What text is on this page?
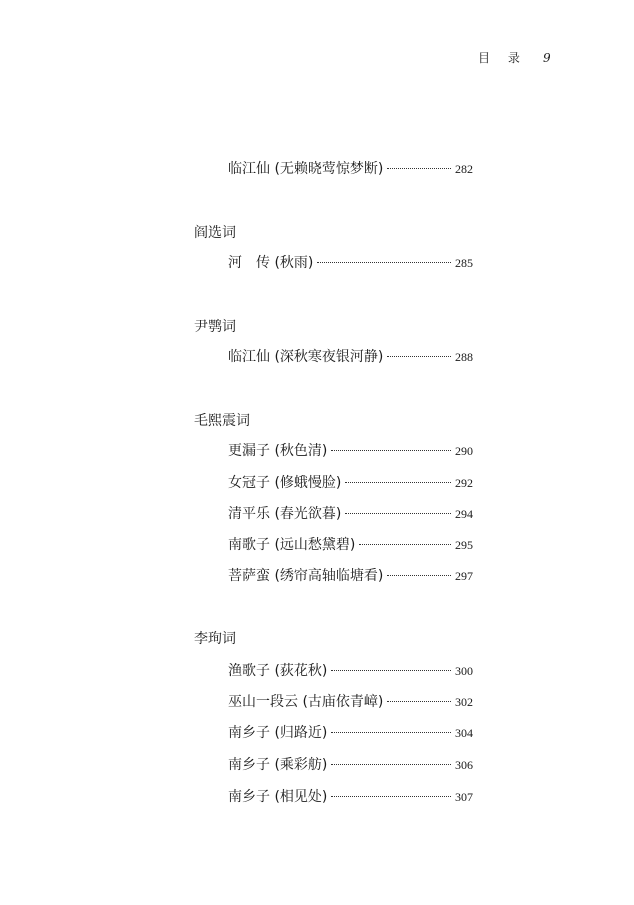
目 录 9
临江仙 (无赖晓莺惊梦断)	282
阎选词
河　传 (秋雨)	285
尹鹗词
临江仙 (深秋寒夜银河静)	288
毛熙震词
更漏子 (秋色清)	290
女冠子 (修蛾慢脸)	292
清平乐 (春光欲暮)	294
南歌子 (远山愁黛碧)	295
菩萨蛮 (绣帘高轴临塘看)	297
李珣词
渔歌子 (荻花秋)	300
巫山一段云 (古庙依青嶂)	302
南乡子 (归路近)	304
南乡子 (乘彩舫)	306
南乡子 (相见处)	307
